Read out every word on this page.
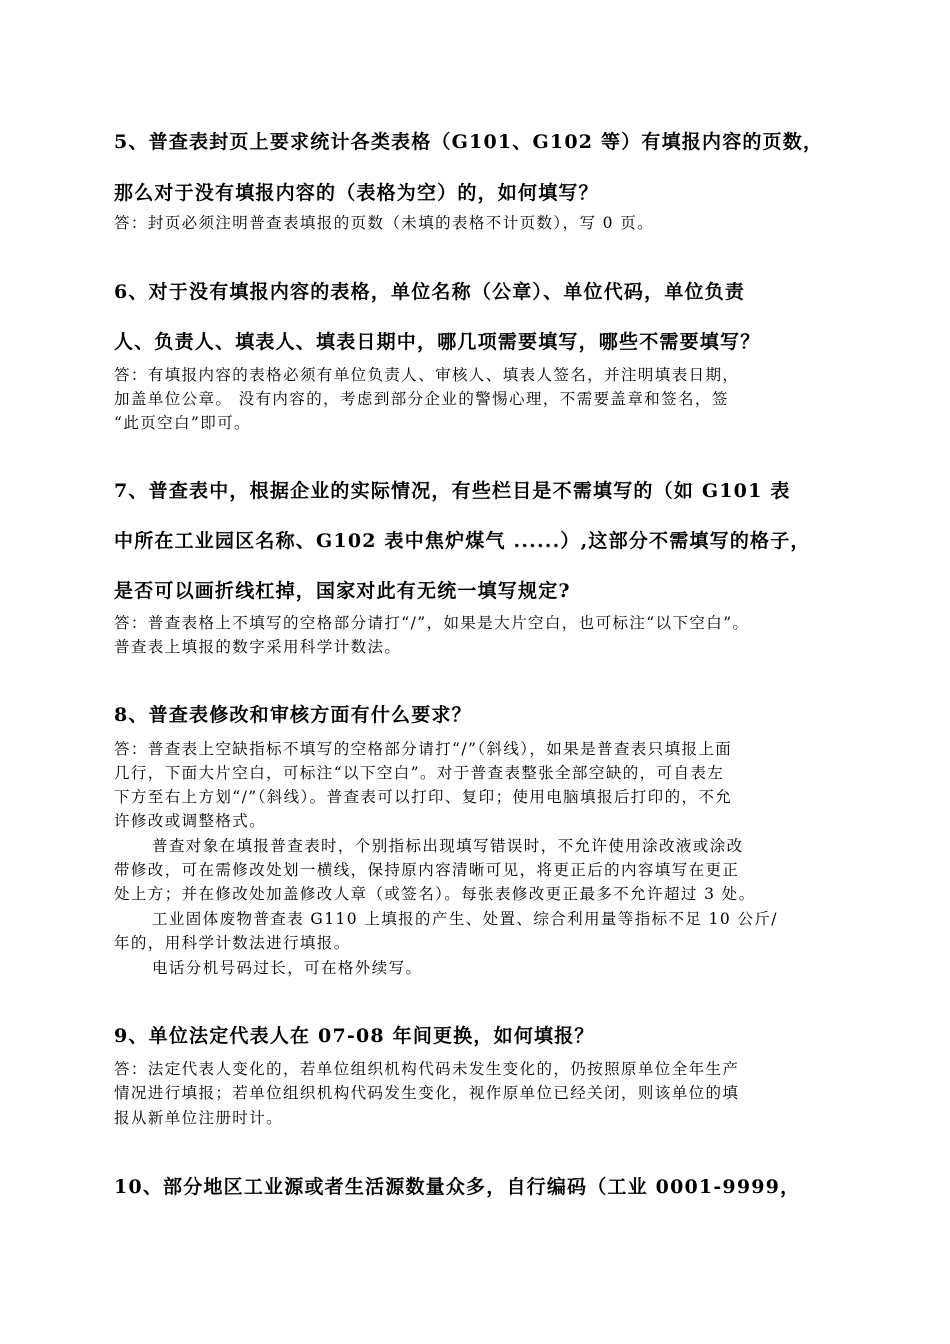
5、普查表封页上要求统计各类表格（G101、G102 等）有填报内容的页数，
那么对于没有填报内容的（表格为空）的，如何填写？
答：封页必须注明普查表填报的页数（未填的表格不计页数），写 0 页。
6、对于没有填报内容的表格，单位名称（公章）、单位代码，单位负责
人、负责人、填表人、填表日期中，哪几项需要填写，哪些不需要填写？
答：有填报内容的表格必须有单位负责人、审核人、填表人签名，并注明填表日期，
加盖单位公章。 没有内容的，考虑到部分企业的警惕心理，不需要盖章和签名，签
“此页空白”即可。
7、普查表中，根据企业的实际情况，有些栏目是不需填写的（如 G101 表
中所在工业园区名称、G102 表中焦炉煤气 ......）,这部分不需填写的格子，
是否可以画折线杠掉，国家对此有无统一填写规定?
答：普查表格上不填写的空格部分请打“/”，如果是大片空白，也可标注“以下空白”。
普查表上填报的数字采用科学计数法。
8、普查表修改和审核方面有什么要求？
答：普查表上空缺指标不填写的空格部分请打“/”（斜线），如果是普查表只填报上面
几行，下面大片空白，可标注“以下空白”。对于普查表整张全部空缺的，可自表左
下方至右上方划“/”（斜线）。普查表可以打印、复印；使用电脑填报后打印的，不允
许修改或调整格式。
普查对象在填报普查表时，个别指标出现填写错误时，不允许使用涂改液或涂改
带修改，可在需修改处划一横线，保持原内容清晰可见，将更正后的内容填写在更正
处上方；并在修改处加盖修改人章（或签名）。每张表修改更正最多不允许超过 3 处。
工业固体废物普查表 G110 上填报的产生、处置、综合利用量等指标不足 10 公斤/
年的，用科学计数法进行填报。
电话分机号码过长，可在格外续写。
9、单位法定代表人在 07-08 年间更换，如何填报？
答：法定代表人变化的，若单位组织机构代码未发生变化的，仍按照原单位全年生产
情况进行填报；若单位组织机构代码发生变化，视作原单位已经关闭，则该单位的填
报从新单位注册时计。
10、部分地区工业源或者生活源数量众多，自行编码（工业 0001-9999，
